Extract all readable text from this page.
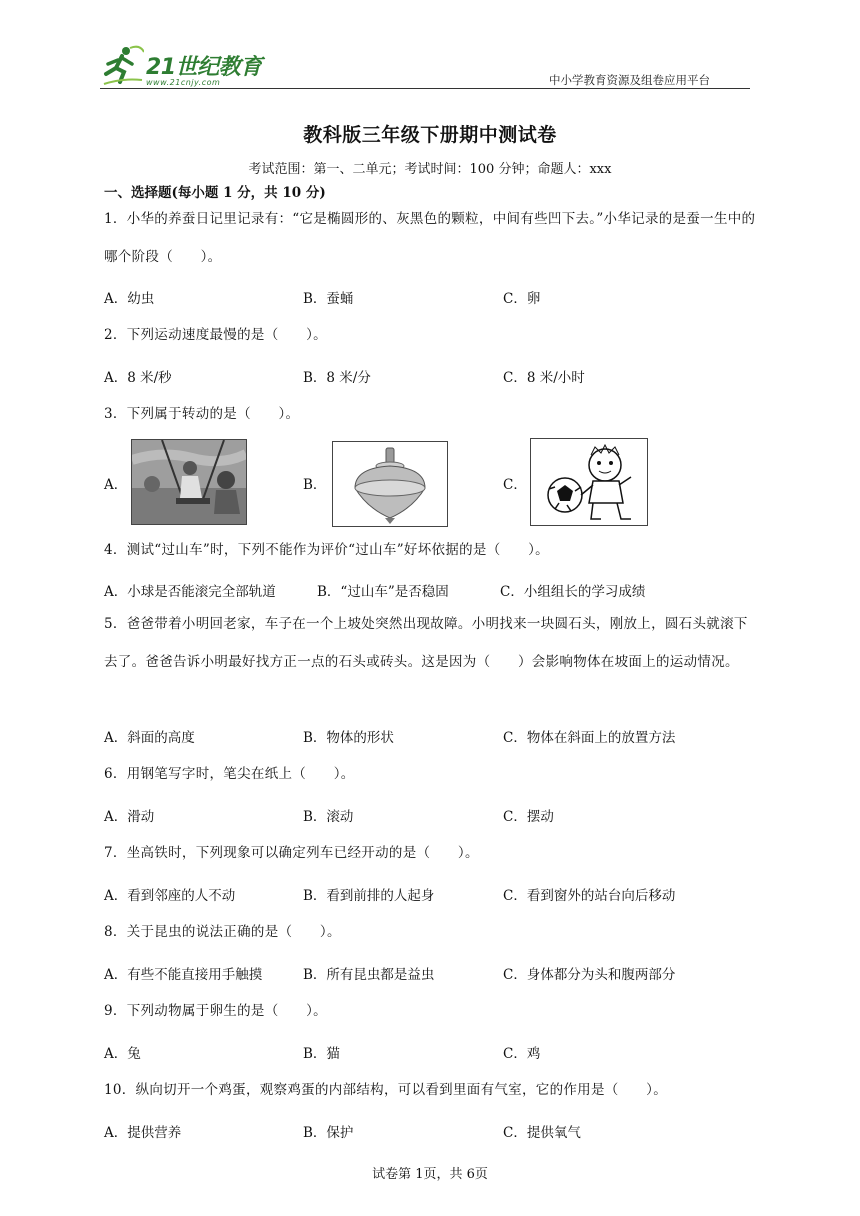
21世纪教育
www.21cnjy.com	中小学教育资源及组卷应用平台
教科版三年级下册期中测试卷
考试范围：第一、二单元；考试时间：100 分钟；命题人：xxx
一、选择题(每小题 1 分，共 10 分)
1．小华的养蚕日记里记录有：“它是椭圆形的、灰黑色的颗粒，中间有些凹下去。”小华记录的是蚕一生中的哪个阶段（　　）。
A．幼虫	B．蚕蛹	C．卵
2．下列运动速度最慢的是（　　）。
A．8 米/秒	B．8 米/分	C．8 米/小时
3．下列属于转动的是（　　）。
A．	B．	C．
4．测试“过山车”时，下列不能作为评价“过山车”好坏依据的是（　　）。
A．小球是否能滚完全部轨道	B．“过山车”是否稳固	C．小组组长的学习成绩
5．爸爸带着小明回老家，车子在一个上坡处突然出现故障。小明找来一块圆石头，刚放上，圆石头就滚下去了。爸爸告诉小明最好找方正一点的石头或砖头。这是因为（　　）会影响物体在坡面上的运动情况。
A．斜面的高度	B．物体的形状	C．物体在斜面上的放置方法
6．用钢笔写字时，笔尖在纸上（　　）。
A．滑动	B．滚动	C．摆动
7．坐高铁时，下列现象可以确定列车已经开动的是（　　）。
A．看到邻座的人不动	B．看到前排的人起身	C．看到窗外的站台向后移动
8．关于昆虫的说法正确的是（　　）。
A．有些不能直接用手触摸	B．所有昆虫都是益虫	C．身体都分为头和腹两部分
9．下列动物属于卵生的是（　　）。
A．兔	B．猫	C．鸡
10．纵向切开一个鸡蛋，观察鸡蛋的内部结构，可以看到里面有气室，它的作用是（　　）。
A．提供营养	B．保护	C．提供氧气
试卷第 1页，共 6页
